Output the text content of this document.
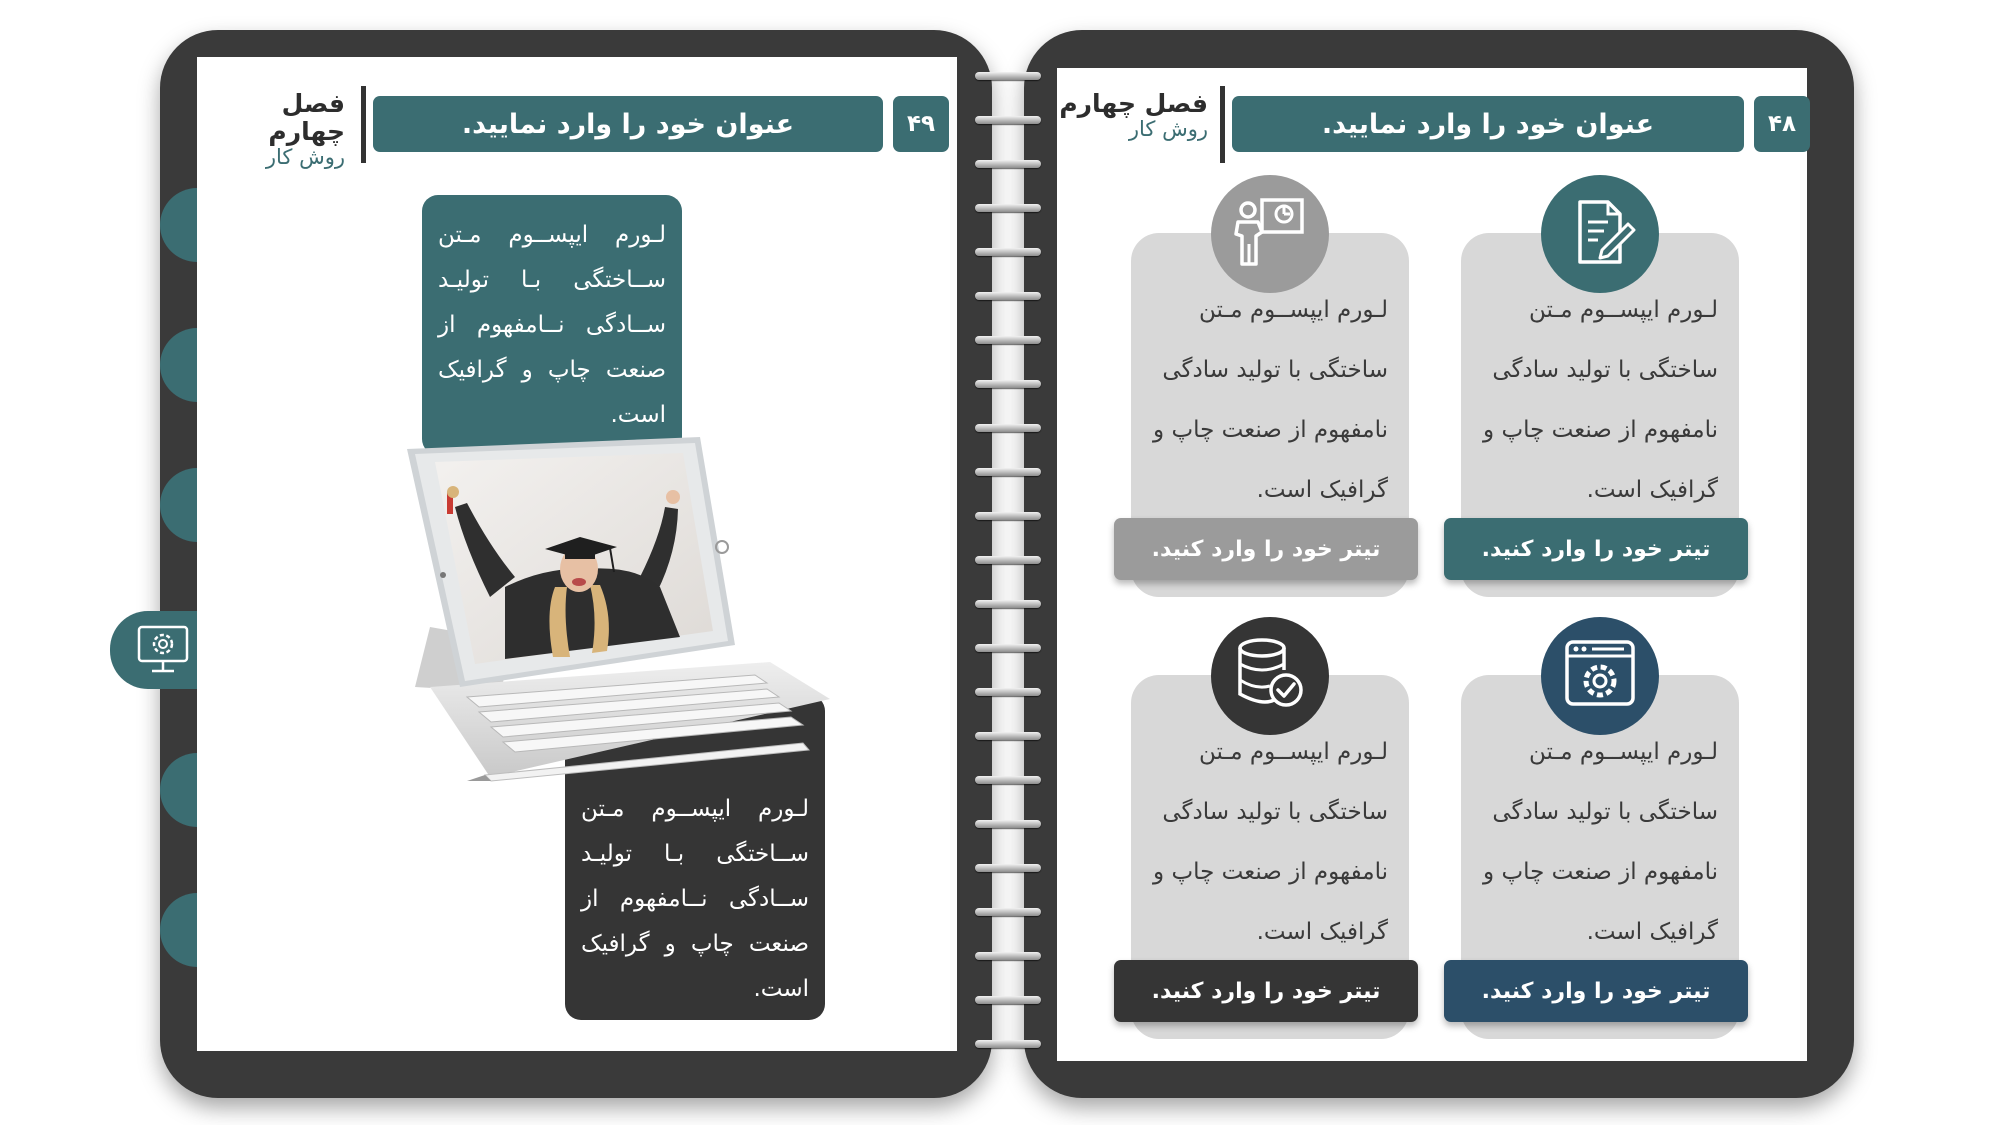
فصل چهارم
روش کار
عنوان خود را وارد نمایید.	۴۹
لـورم ایپســوم مـتن ســاختگی بـا تولیـد ســادگی نــامفهوم از صنعت چاپ و گرافیک است.
لـورم ایپســوم مـتن ســاختگی بـا تولیـد ســادگی نــامفهوم از صنعت چاپ و گرافیک است.
فصل چهارم
روش کار	عنوان خود را وارد نمایید.	۴۸
لـورم ایپســوم مـتن ساختگی با تولید سادگی نامفهوم از صنعت چاپ و گرافیک است.
تیتر خود را وارد کنید.
لـورم ایپســوم مـتن ساختگی با تولید سادگی نامفهوم از صنعت چاپ و گرافیک است.
تیتر خود را وارد کنید.
لـورم ایپســوم مـتن ساختگی با تولید سادگی نامفهوم از صنعت چاپ و گرافیک است.
تیتر خود را وارد کنید.
لـورم ایپســوم مـتن ساختگی با تولید سادگی نامفهوم از صنعت چاپ و گرافیک است.
تیتر خود را وارد کنید.
